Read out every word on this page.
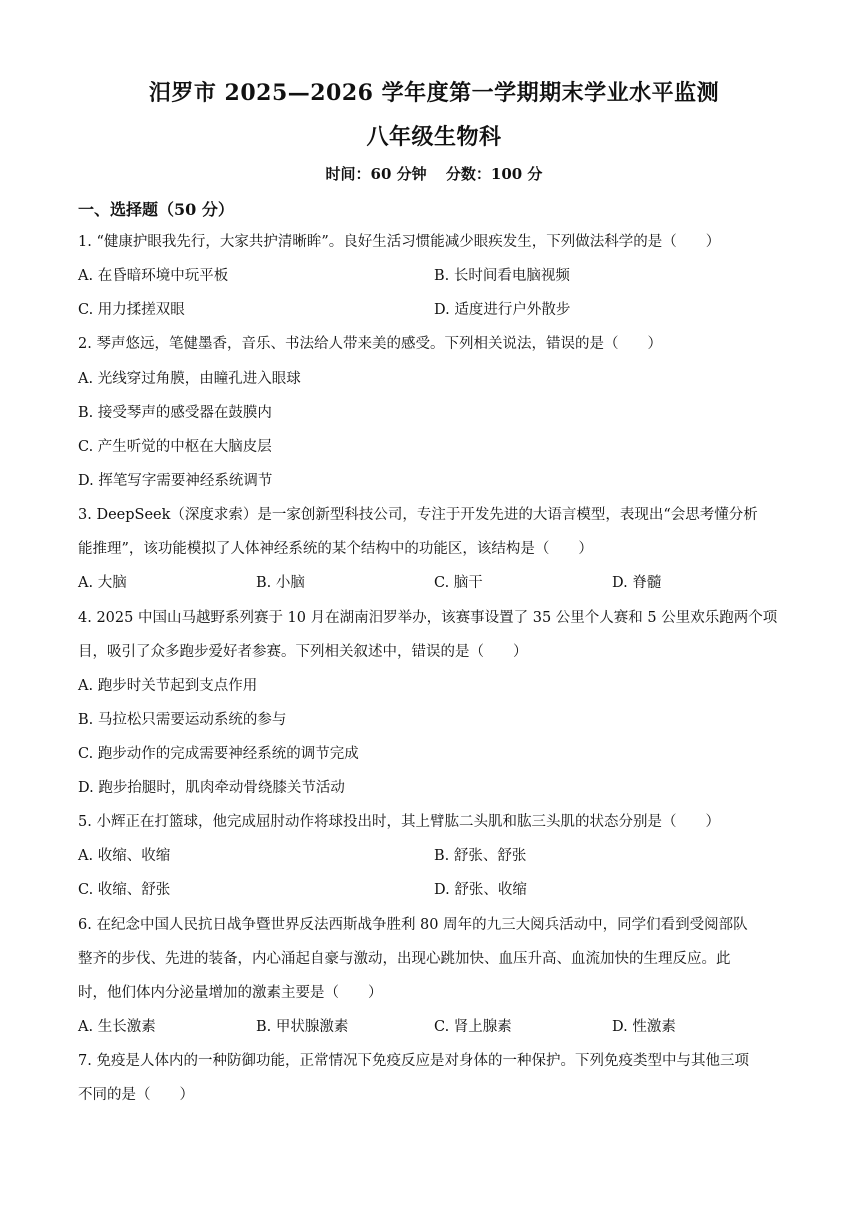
汨罗市 2025—2026 学年度第一学期期末学业水平监测
八年级生物科
时间：60 分钟 分数：100 分
一、选择题（50 分）
1. “健康护眼我先行，大家共护清晰眸”。良好生活习惯能减少眼疾发生，下列做法科学的是（　　）
A. 在昏暗环境中玩平板	B. 长时间看电脑视频
C. 用力揉搓双眼	D. 适度进行户外散步
2. 琴声悠远，笔健墨香，音乐、书法给人带来美的感受。下列相关说法，错误的是（　　）
A. 光线穿过角膜，由瞳孔进入眼球
B. 接受琴声的感受器在鼓膜内
C. 产生听觉的中枢在大脑皮层
D. 挥笔写字需要神经系统调节
3. DeepSeek（深度求索）是一家创新型科技公司，专注于开发先进的大语言模型，表现出“会思考懂分析
能推理”，该功能模拟了人体神经系统的某个结构中的功能区，该结构是（　　）
A. 大脑	B. 小脑	C. 脑干	D. 脊髓
4. 2025 中国山马越野系列赛于 10 月在湖南汨罗举办，该赛事设置了 35 公里个人赛和 5 公里欢乐跑两个项
目，吸引了众多跑步爱好者参赛。下列相关叙述中，错误的是（　　）
A. 跑步时关节起到支点作用
B. 马拉松只需要运动系统的参与
C. 跑步动作的完成需要神经系统的调节完成
D. 跑步抬腿时，肌肉牵动骨绕膝关节活动
5. 小辉正在打篮球，他完成屈肘动作将球投出时，其上臂肱二头肌和肱三头肌的状态分别是（　　）
A. 收缩、收缩	B. 舒张、舒张
C. 收缩、舒张	D. 舒张、收缩
6. 在纪念中国人民抗日战争暨世界反法西斯战争胜利 80 周年的九三大阅兵活动中，同学们看到受阅部队
整齐的步伐、先进的装备，内心涌起自豪与激动，出现心跳加快、血压升高、血流加快的生理反应。此
时，他们体内分泌量增加的激素主要是（　　）
A. 生长激素	B. 甲状腺激素	C. 肾上腺素	D. 性激素
7. 免疫是人体内的一种防御功能，正常情况下免疫反应是对身体的一种保护。下列免疫类型中与其他三项
不同的是（　　）
